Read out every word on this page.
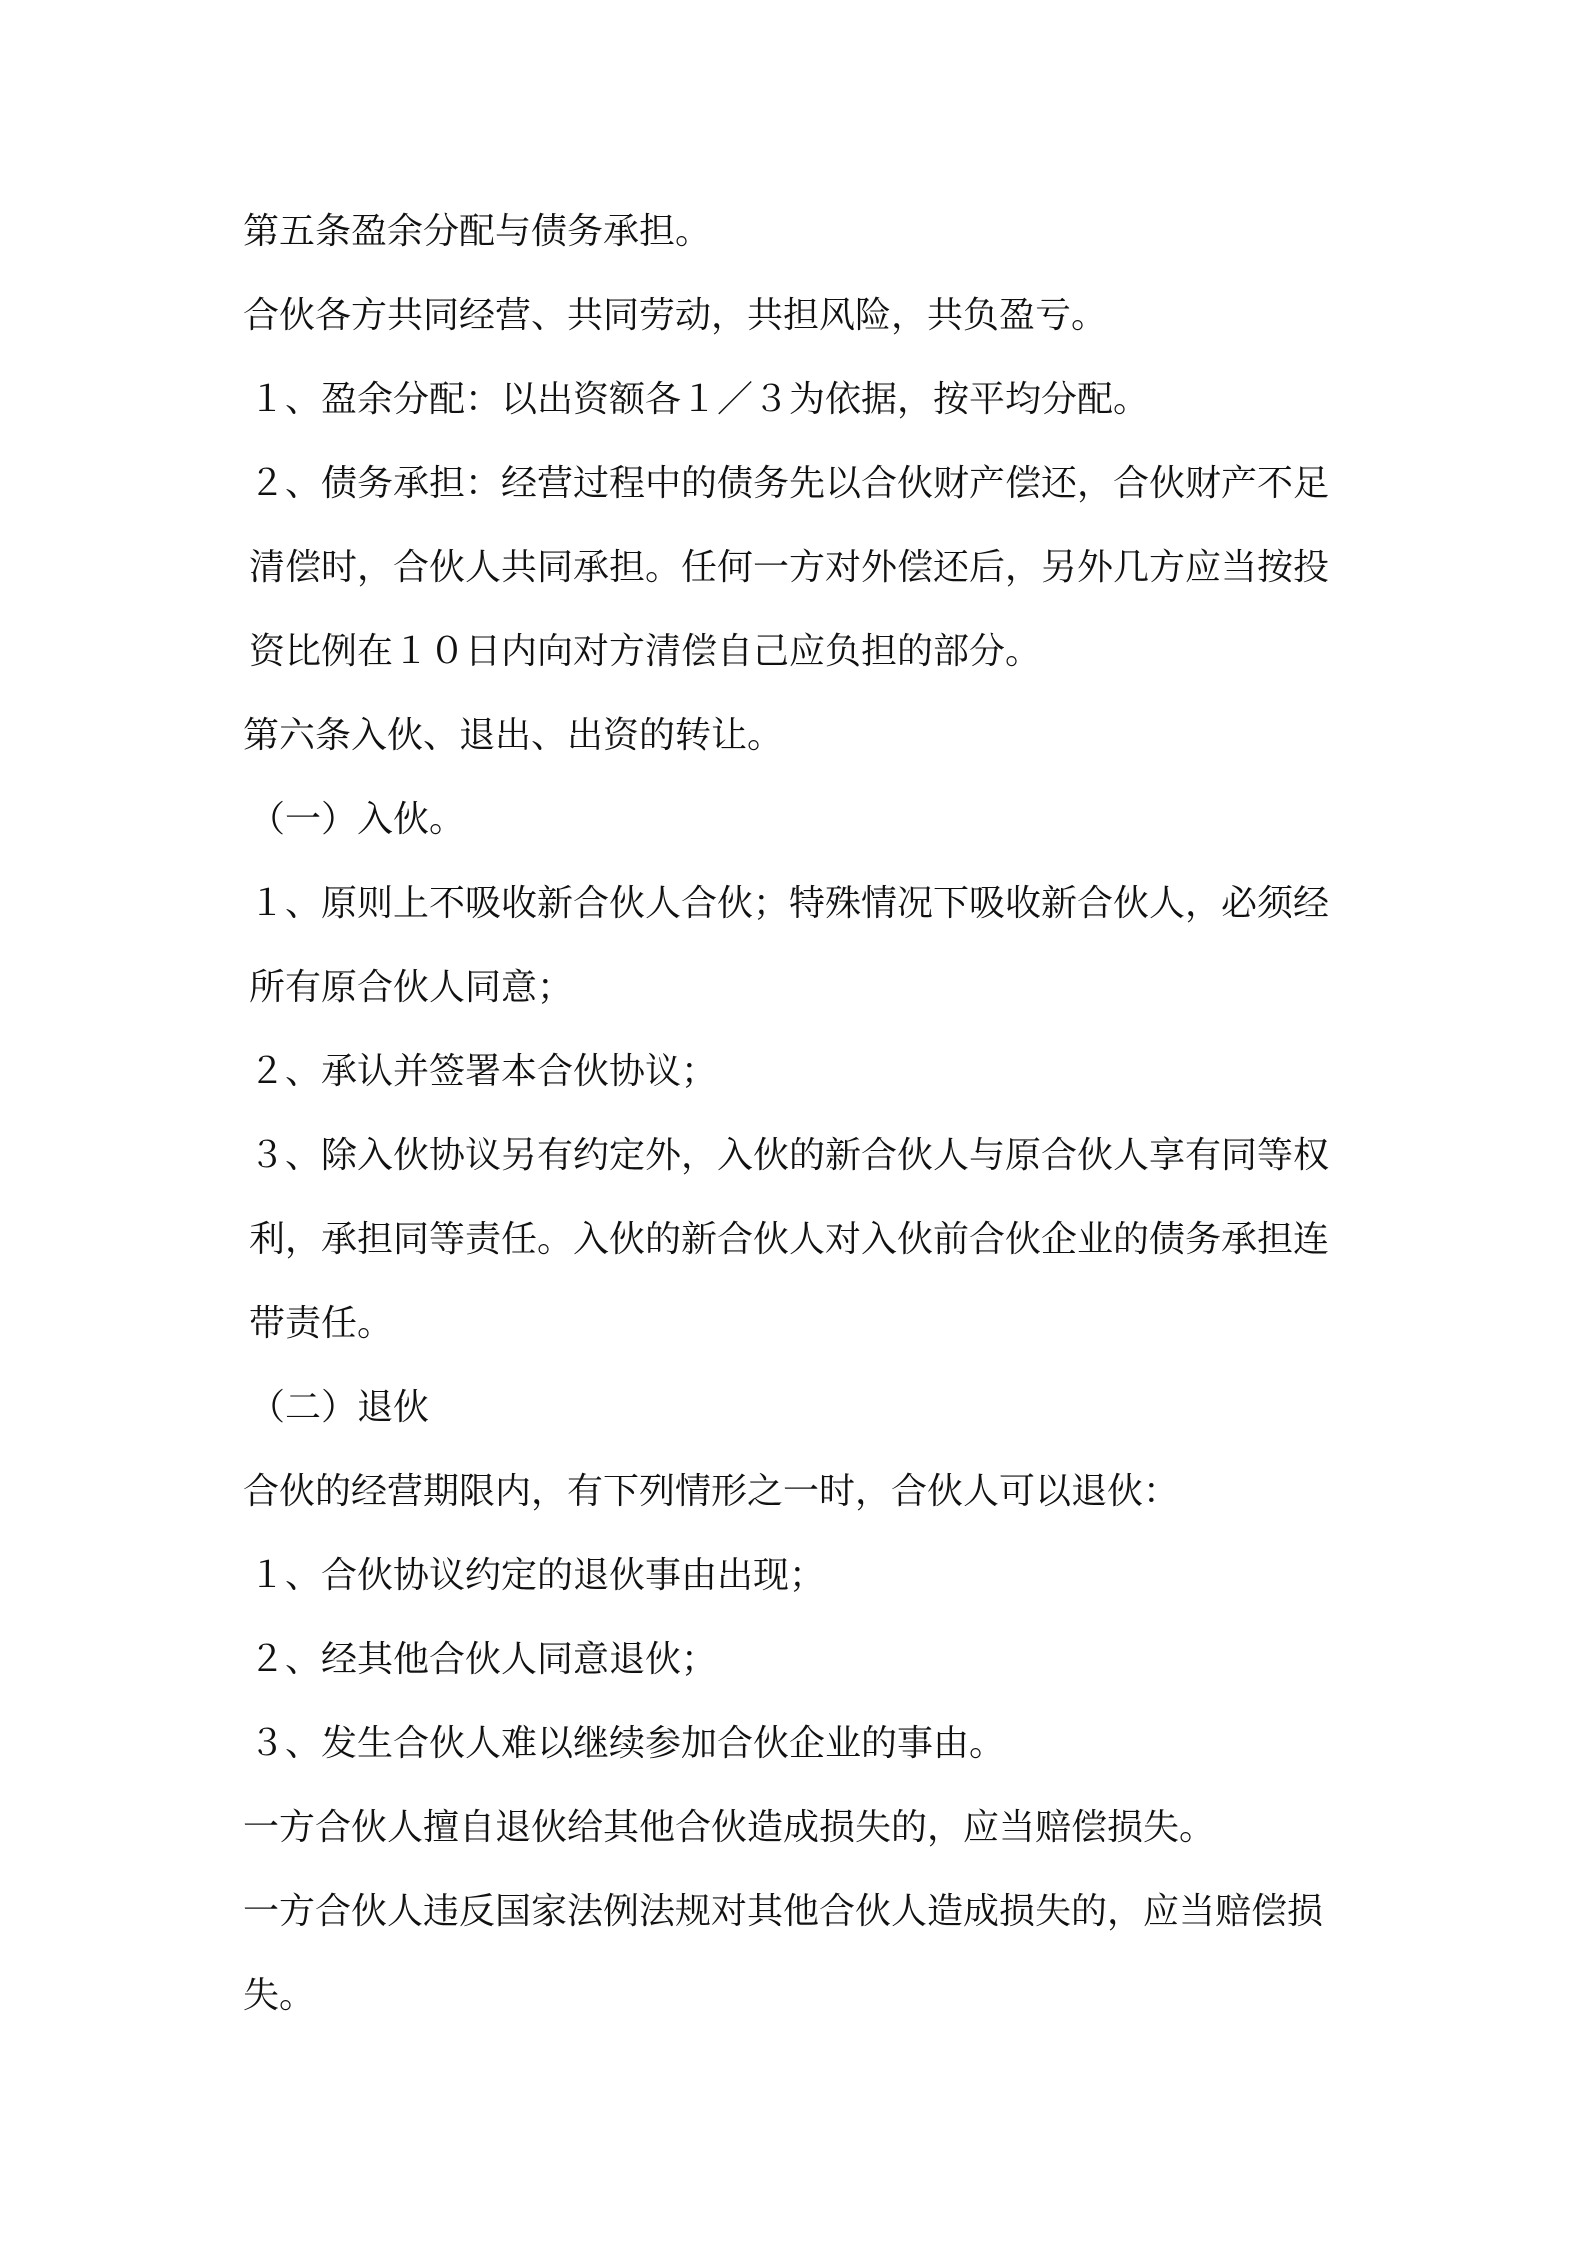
第五条盈余分配与债务承担。
合伙各方共同经营、共同劳动，共担风险，共负盈亏。
１、盈余分配：以出资额各１／３为依据，按平均分配。
２、债务承担：经营过程中的债务先以合伙财产偿还，合伙财产不足
清偿时，合伙人共同承担。任何一方对外偿还后，另外几方应当按投
资比例在１０日内向对方清偿自己应负担的部分。
第六条入伙、退出、出资的转让。
（一）入伙。
１、原则上不吸收新合伙人合伙；特殊情况下吸收新合伙人，必须经
所有原合伙人同意；
２、承认并签署本合伙协议；
３、除入伙协议另有约定外，入伙的新合伙人与原合伙人享有同等权
利，承担同等责任。入伙的新合伙人对入伙前合伙企业的债务承担连
带责任。
（二）退伙
合伙的经营期限内，有下列情形之一时，合伙人可以退伙：
１、合伙协议约定的退伙事由出现；
２、经其他合伙人同意退伙；
３、发生合伙人难以继续参加合伙企业的事由。
一方合伙人擅自退伙给其他合伙造成损失的，应当赔偿损失。
一方合伙人违反国家法例法规对其他合伙人造成损失的，应当赔偿损
失。
